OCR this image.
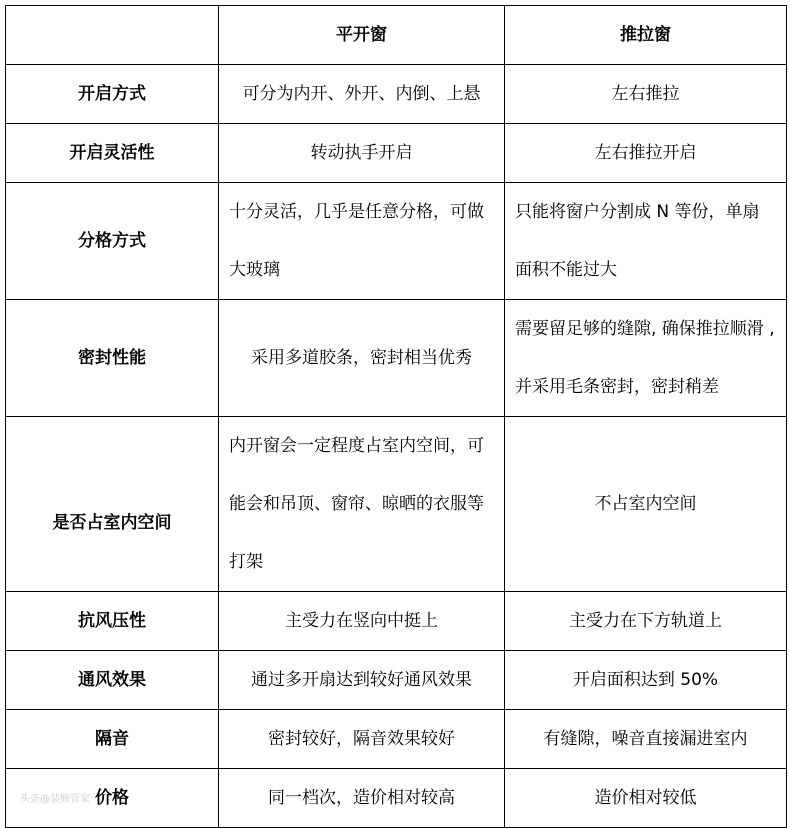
	平开窗	推拉窗
开启方式	可分为内开、外开、内倒、上悬	左右推拉
开启灵活性	转动执手开启	左右推拉开启
分格方式	十分灵活，几乎是任意分格，可做大玻璃	只能将窗户分割成 N 等份，单扇面积不能过大
密封性能	采用多道胶条，密封相当优秀	需要留足够的缝隙, 确保推拉顺滑 , 并采用毛条密封，密封稍差

是否占室内空间	内开窗会一定程度占室内空间，可能会和吊顶、窗帘、晾晒的衣服等打架	不占室内空间
抗风压性	主受力在竖向中挺上	主受力在下方轨道上
通风效果	通过多开扇达到较好通风效果	开启面积达到 50%
隔音	密封较好，隔音效果较好	有缝隙，噪音直接漏进室内
价格	同一档次，造价相对较高	造价相对较低
头条@装修管家
